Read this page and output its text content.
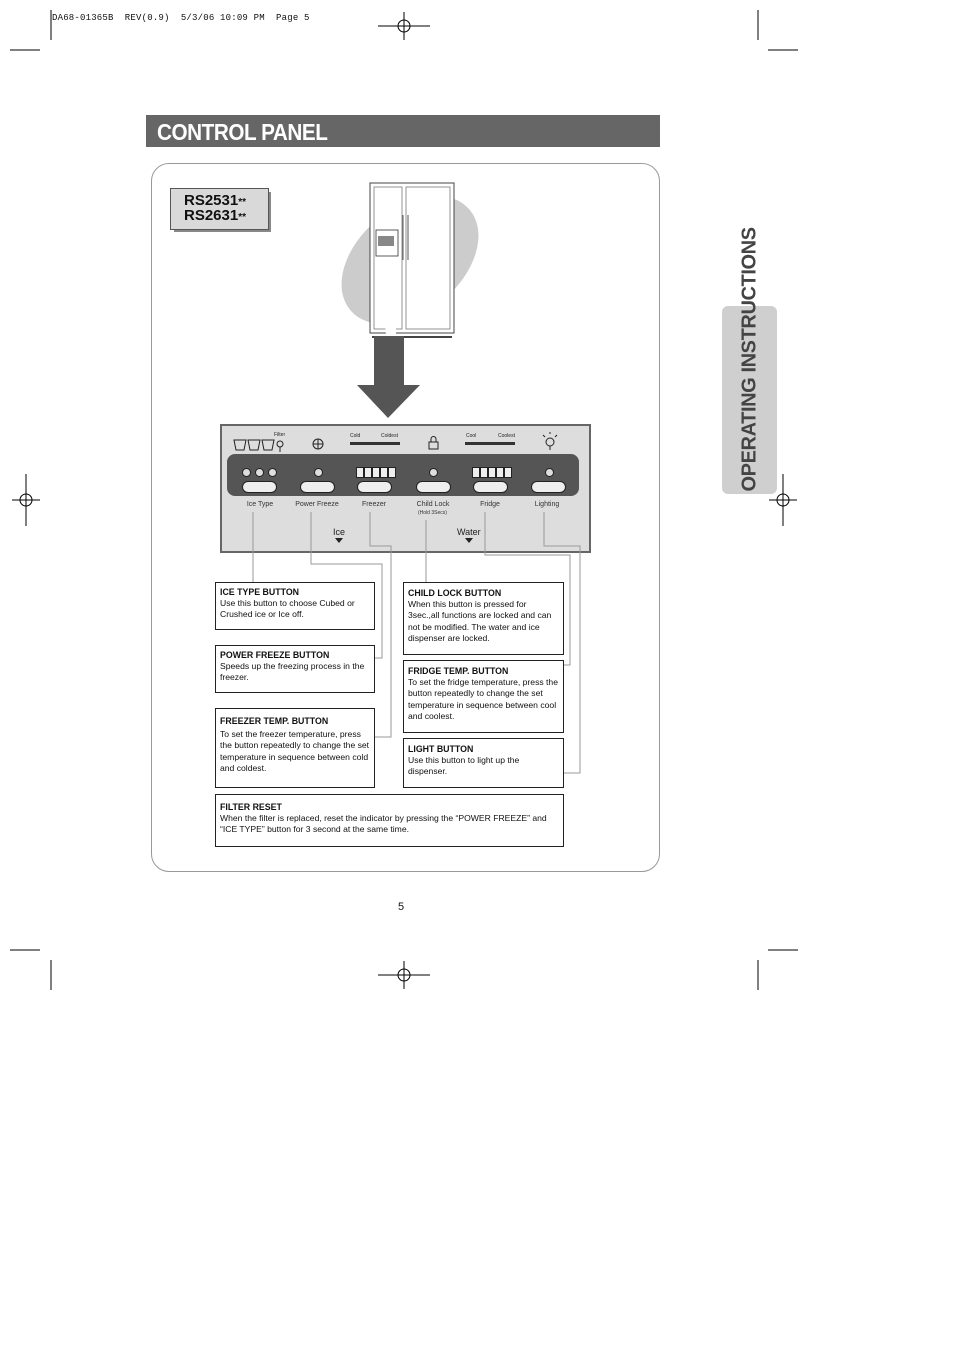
DA68-01365B  REV(0.9)  5/3/06 10:09 PM  Page 5
CONTROL PANEL
OPERATING INSTRUCTIONS
RS2531**
RS2631**
Filter	Cold	Coldest	Cool	Coolest
Ice Type	Power Freeze	Freezer	Child Lock
(Hold 3Secs)
Fridge	Lighting
Ice	Water
ICE TYPE BUTTON
Use this button to choose Cubed or Crushed ice or Ice off.
POWER FREEZE BUTTON
Speeds up the freezing process in the freezer.
FREEZER TEMP. BUTTON
To set the freezer temperature, press the button repeatedly to change the set temperature in sequence between cold and coldest.
CHILD LOCK BUTTON
When this button is pressed for 3sec.,all functions are locked and can not be modified. The water and ice dispenser are locked.
FRIDGE TEMP. BUTTON
To set the fridge temperature, press the button repeatedly to change the set temperature in sequence between cool and coolest.
LIGHT BUTTON
Use this button to light up the dispenser.
FILTER RESET
When the filter is replaced, reset the indicator by pressing the “POWER FREEZE” and “ICE TYPE” button for 3 second at the same time.
5
